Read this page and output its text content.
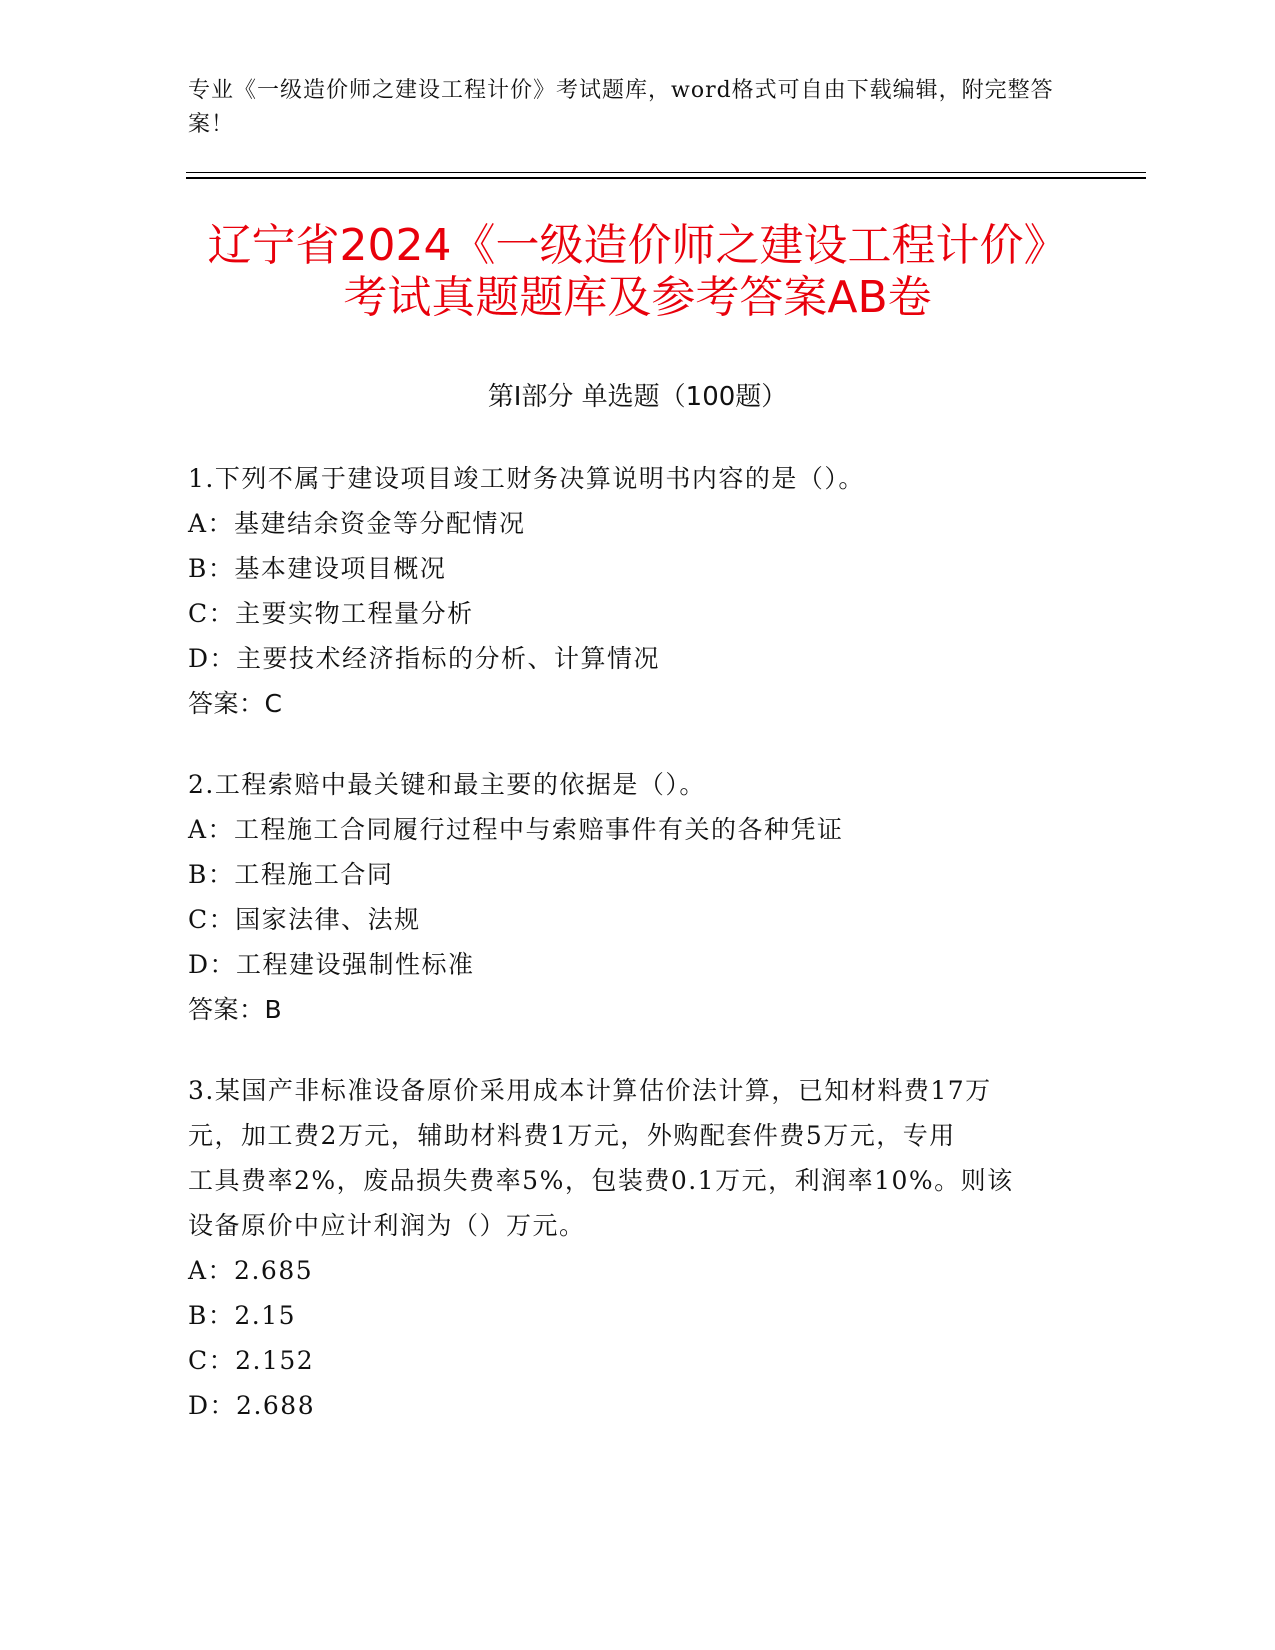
专业《一级造价师之建设工程计价》考试题库，word格式可自由下载编辑，附完整答案！
辽宁省2024《一级造价师之建设工程计价》
考试真题题库及参考答案AB卷
第I部分 单选题（100题）
1.下列不属于建设项目竣工财务决算说明书内容的是（）。
A：基建结余资金等分配情况
B：基本建设项目概况
C：主要实物工程量分析
D：主要技术经济指标的分析、计算情况
答案：C
2.工程索赔中最关键和最主要的依据是（）。
A：工程施工合同履行过程中与索赔事件有关的各种凭证
B：工程施工合同
C：国家法律、法规
D：工程建设强制性标准
答案：B
3.某国产非标准设备原价采用成本计算估价法计算，已知材料费17万
元，加工费2万元，辅助材料费1万元，外购配套件费5万元，专用
工具费率2%，废品损失费率5%，包装费0.1万元，利润率10%。则该
设备原价中应计利润为（）万元。
A：2.685
B：2.15
C：2.152
D：2.688
